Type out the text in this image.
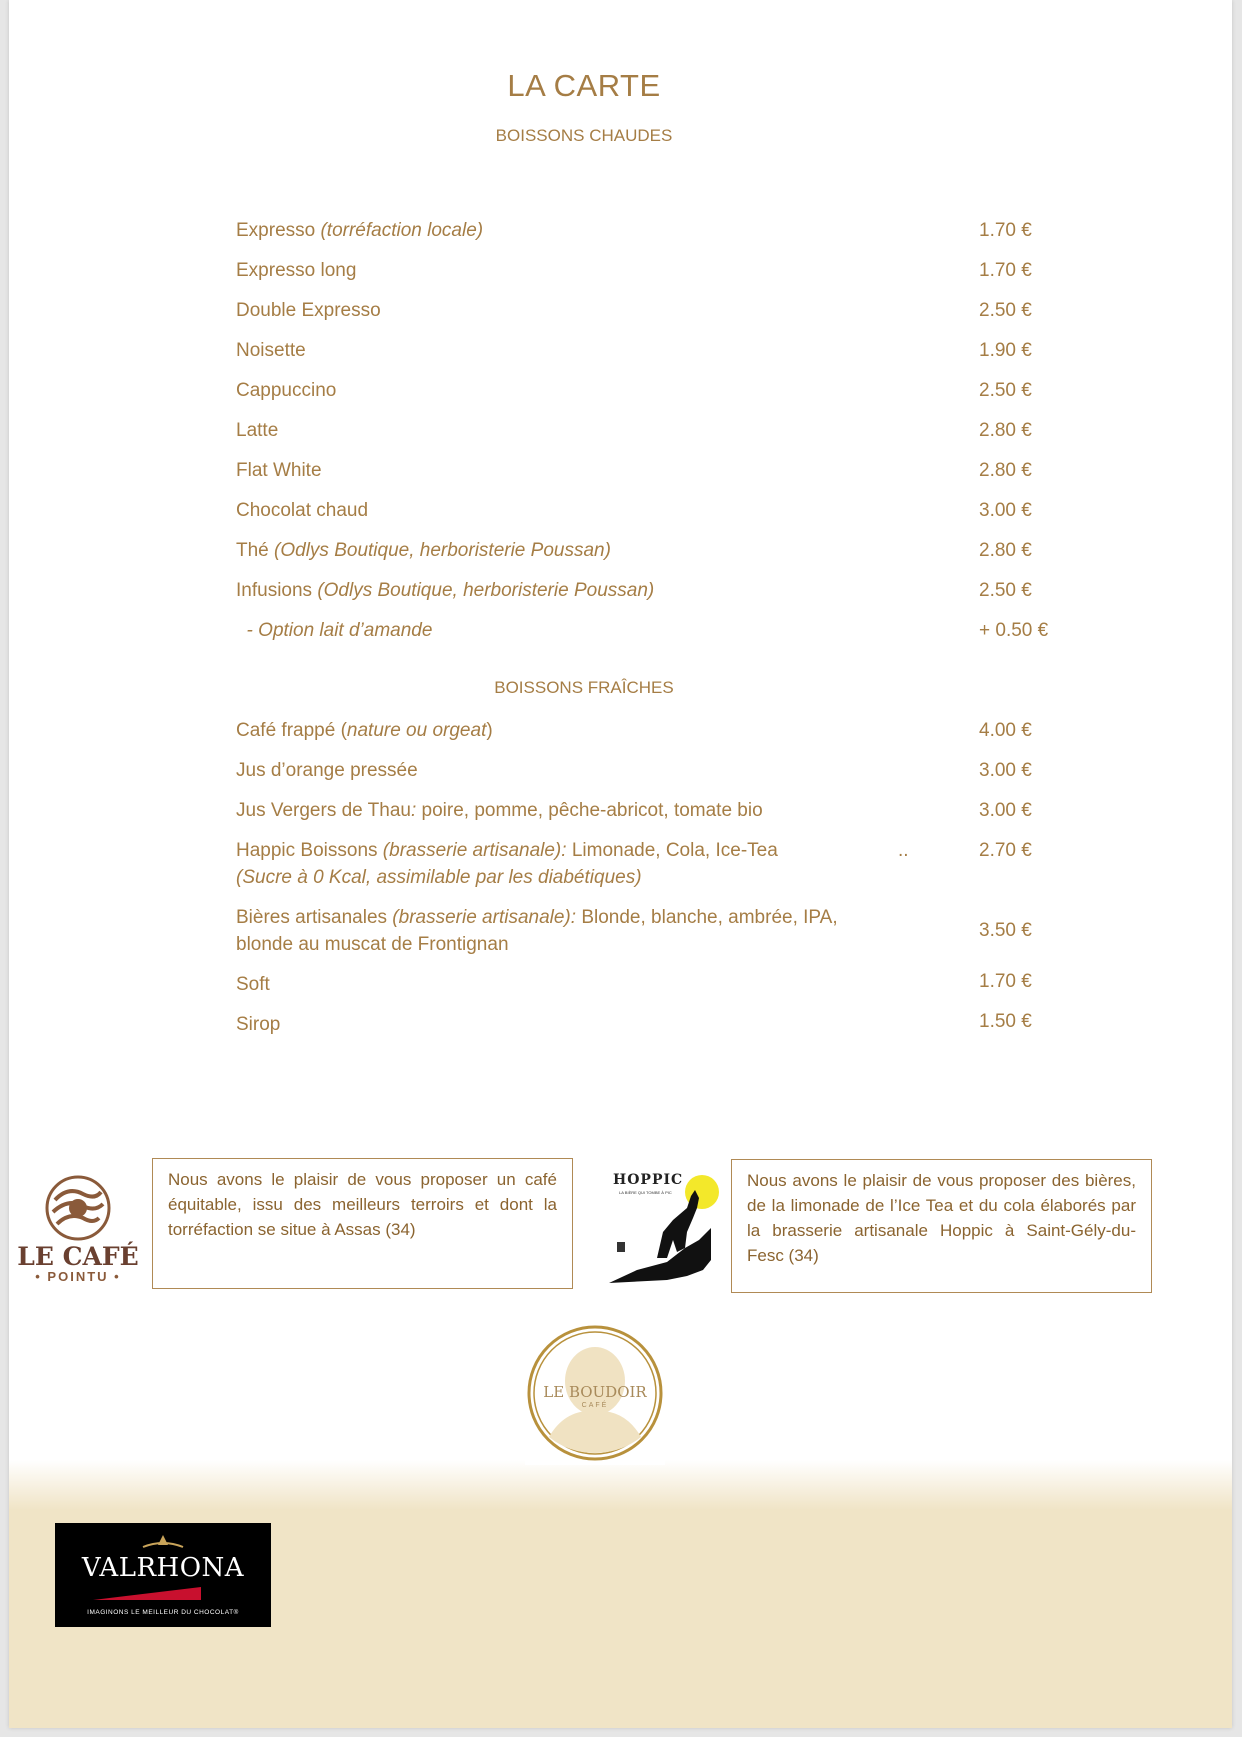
LA CARTE
BOISSONS CHAUDES
Expresso (torréfaction locale)	1.70 €
Expresso long	1.70 €
Double Expresso	2.50 €
Noisette	1.90 €
Cappuccino	2.50 €
Latte	2.80 €
Flat White	2.80 €
Chocolat chaud	3.00 €
Thé (Odlys Boutique, herboristerie Poussan)	2.80 €
Infusions (Odlys Boutique, herboristerie Poussan)	2.50 €
- Option lait d’amande	+ 0.50 €
BOISSONS FRAÎCHES
Café frappé (nature ou orgeat)	4.00 €
Jus d’orange pressée	3.00 €
Jus Vergers de Thau: poire, pomme, pêche-abricot, tomate bio	3.00 €
Happic Boissons (brasserie artisanale): Limonade, Cola, Ice-Tea	..	2.70 €
(Sucre à 0 Kcal, assimilable par les diabétiques)
Bières artisanales (brasserie artisanale): Blonde, blanche, ambrée, IPA,
blonde au muscat de Frontignan
3.50 €
Soft	1.70 €
Sirop	1.50 €
LE CAFÉ
• POINTU •
Nous avons le plaisir de vous proposer un café équitable, issu des meilleurs terroirs et dont la torréfaction se situe à Assas (34)
HOPPIC
LA BIÈRE QUI TOMBE À PIC
Nous avons le plaisir de vous proposer des bières, de la limonade de l’Ice Tea et du cola élaborés par la brasserie artisanale Hoppic à Saint-Gély-du-Fesc (34)
LE BOUDOIR
CAFÉ
VALRHONA
IMAGINONS LE MEILLEUR DU CHOCOLAT®
